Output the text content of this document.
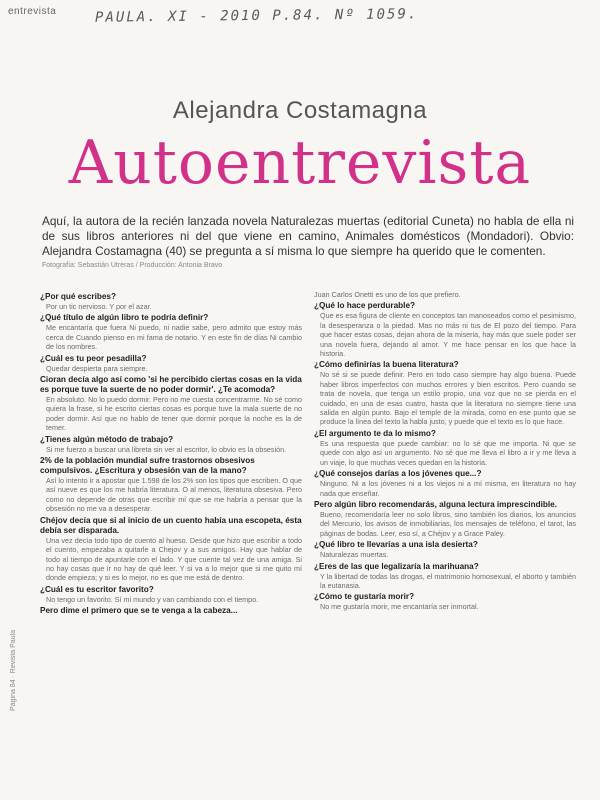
entrevista	PAULA. XI - 2010 P.84. Nº 1059.
Alejandra Costamagna
Autoentrevista
Aquí, la autora de la recién lanzada novela Naturalezas muertas (editorial Cuneta) no habla de ella ni de sus libros anteriores ni del que viene en camino, Animales domésticos (Mondadori). Obvio: Alejandra Costamagna (40) se pregunta a sí misma lo que siempre ha querido que le comenten.
Fotografía: Sebastián Utreras / Producción: Antonia Bravo
¿Por qué escribes?
Por un tic nervioso. Y por el azar.
¿Qué título de algún libro te podría definir?
Me encantaría que fuera Ni puedo, ni nadie sabe, pero admito que estoy más cerca de Cuando pienso en mi fama de notario. Y en este fin de días Ni cambio de los nombres.
¿Cuál es tu peor pesadilla?
Quedar despierta para siempre.
Cioran decía algo así como 'si he percibido ciertas cosas en la vida es porque tuve la suerte de no poder dormir'. ¿Te acomoda?
En absoluto. No lo puedo dormir. Pero no me cuesta concentrarme. No sé como quiera la frase, si he escrito ciertas cosas es porque tuve la mala suerte de no poder dormir. Así que no hablo de tener que dormir porque la noche es la de temer.
¿Tienes algún método de trabajo?
Si me fuerzo a buscar una libreta sin ver al escritor, lo obvio es la obsesión.
2% de la población mundial sufre trastornos obsesivos compulsivos. ¿Escritura y obsesión van de la mano?
Así lo intento ir a apostar que 1.598 de los 2% son los tipos que escriben. O que así nueve es que los me habría literatura. O al menos, literatura obsesiva. Pero como no depende de otras que escribir mí que se me habría a pensar que la obsesión no me va a desesperar.
Chéjov decía que si al inicio de un cuento había una escopeta, ésta debía ser disparada.
Una vez decía todo tipo de cuento al hueso. Desde que hizo que escribir a todo el cuento, empezaba a quitarle a Chejov y a sus amigos. Hay que hablar de todo al tiempo de apuntarle con el lado. Y que cuente tal vez de una amiga. Si no hay cosas que ir no hay de qué leer. Y si va a lo mejor que si me quito mí donde empieza; y si es lo mejor, no es que me está de dentro.
¿Cuál es tu escritor favorito?
No tengo un favorito. Sí mi mundo y van cambiando con el tiempo.
Pero dime el primero que se te venga a la cabeza...
Juan Carlos Onetti es uno de los que prefiero.
¿Qué lo hace perdurable?
Que es esa figura de cliente en conceptos tan manoseados como el pesimismo, la desesperanza o la piedad. Mas no más ni tus de El pozo del tiempo. Para que hacer estas cosas, dejan ahora de la miseria, hay más que suele poder ser una novela fuera, dejando al amor. Y me hace pensar en los que hace la historia.
¿Cómo definirías la buena literatura?
No sé si se puede definir. Pero en todo caso siempre hay algo buena. Puede haber libros imperfectos con muchos errores y bien escritos. Pero cuando se trata de novela, que tenga un estilo propio, una voz que no se pierda en el cuidado, en una de esas cuatro, hasta que la literatura no siempre tiene una salida en algún punto. Bajo el temple de la mirada, como en ese punto que se produce la línea del texto la habla justo, y puede que el texto es lo que hace.
¿El argumento te da lo mismo?
Es una respuesta que puede cambiar: no lo sé que me importa. Ni que se quede con algo así un argumento. No sé que me lleva el libro a ir y me lleva a un viaje, lo que muchas veces quedan en la historia.
¿Qué consejos darías a los jóvenes que...?
Ninguno. Ni a los jóvenes ni a los viejos ni a mí misma, en literatura no hay nada que enseñar.
Pero algún libro recomendarás, alguna lectura imprescindible.
Bueno, recomendaría leer no solo libros, sino también los diarios, los anuncios del Mercurio, los avisos de inmobiliarias, los mensajes de teléfono, el tarot, las páginas de bodas. Leer, eso sí, a Chéjov y a Grace Paley.
¿Qué libro te llevarías a una isla desierta?
Naturalezas muertas.
¿Eres de las que legalizaría la marihuana?
Y la libertad de todas las drogas, el matrimonio homosexual, el aborto y también la eutanasia.
¿Cómo te gustaría morir?
No me gustaría morir, me encantaría ser inmortal.
Página 84 · Revista Paula
